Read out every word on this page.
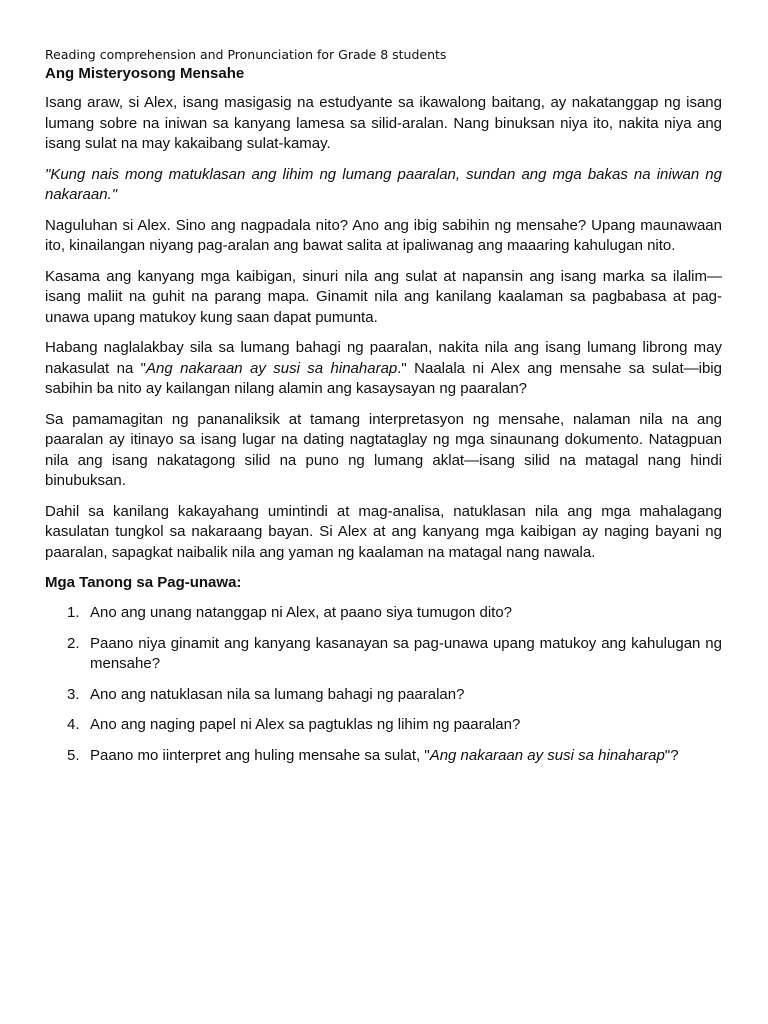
Reading comprehension and Pronunciation for Grade 8 students

Ang Misteryosong Mensahe

Isang araw, si Alex, isang masigasig na estudyante sa ikawalong baitang, ay nakatanggap ng isang lumang sobre na iniwan sa kanyang lamesa sa silid-aralan. Nang binuksan niya ito, nakita niya ang isang sulat na may kakaibang sulat-kamay.

"Kung nais mong matuklasan ang lihim ng lumang paaralan, sundan ang mga bakas na iniwan ng nakaraan."

Naguluhan si Alex. Sino ang nagpadala nito? Ano ang ibig sabihin ng mensahe? Upang maunawaan ito, kinailangan niyang pag-aralan ang bawat salita at ipaliwanag ang maaaring kahulugan nito.

Kasama ang kanyang mga kaibigan, sinuri nila ang sulat at napansin ang isang marka sa ilalim—isang maliit na guhit na parang mapa. Ginamit nila ang kanilang kaalaman sa pagbabasa at pag-unawa upang matukoy kung saan dapat pumunta.

Habang naglalakbay sila sa lumang bahagi ng paaralan, nakita nila ang isang lumang librong may nakasulat na "Ang nakaraan ay susi sa hinaharap." Naalala ni Alex ang mensahe sa sulat—ibig sabihin ba nito ay kailangan nilang alamin ang kasaysayan ng paaralan?

Sa pamamagitan ng pananaliksik at tamang interpretasyon ng mensahe, nalaman nila na ang paaralan ay itinayo sa isang lugar na dating nagtataglay ng mga sinaunang dokumento. Natagpuan nila ang isang nakatagong silid na puno ng lumang aklat—isang silid na matagal nang hindi binubuksan.

Dahil sa kanilang kakayahang umintindi at mag-analisa, natuklasan nila ang mga mahalagang kasulatan tungkol sa nakaraang bayan. Si Alex at ang kanyang mga kaibigan ay naging bayani ng paaralan, sapagkat naibalik nila ang yaman ng kaalaman na matagal nang nawala.

Mga Tanong sa Pag-unawa:
1. Ano ang unang natanggap ni Alex, at paano siya tumugon dito?
2. Paano niya ginamit ang kanyang kasanayan sa pag-unawa upang matukoy ang kahulugan ng mensahe?
3. Ano ang natuklasan nila sa lumang bahagi ng paaralan?
4. Ano ang naging papel ni Alex sa pagtuklas ng lihim ng paaralan?
5. Paano mo iinterpret ang huling mensahe sa sulat, "Ang nakaraan ay susi sa hinaharap"?
